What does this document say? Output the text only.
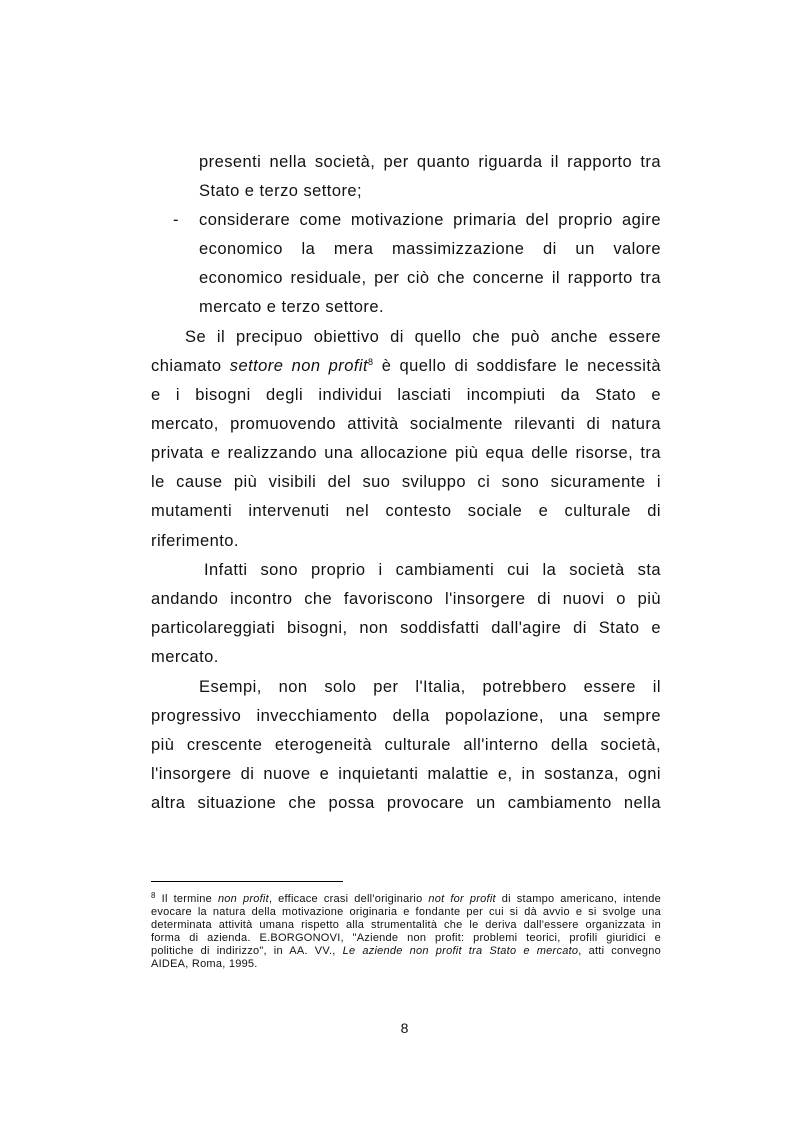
presenti nella società, per quanto riguarda il rapporto tra
Stato e terzo settore;
- considerare come motivazione primaria del proprio agire
economico la mera massimizzazione di un valore
economico residuale, per ciò che concerne il rapporto tra
mercato e terzo settore.
Se il precipuo obiettivo di quello che può anche essere
chiamato settore non profit$^8$ è quello di soddisfare le necessità
e i bisogni degli individui lasciati incompiuti da Stato e
mercato, promuovendo attività socialmente rilevanti di natura
privata e realizzando una allocazione più equa delle risorse, tra
le cause più visibili del suo sviluppo ci sono sicuramente i
mutamenti intervenuti nel contesto sociale e culturale di
riferimento.
Infatti sono proprio i cambiamenti cui la società sta
andando incontro che favoriscono l'insorgere di nuovi o più
particolareggiati bisogni, non soddisfatti dall'agire di Stato e
mercato.
Esempi, non solo per l'Italia, potrebbero essere il
progressivo invecchiamento della popolazione, una sempre
più crescente eterogeneità culturale all'interno della società,
l'insorgere di nuove e inquietanti malattie e, in sostanza, ogni
altra situazione che possa provocare un cambiamento nella
$^8$ Il termine non profit, efficace crasi dell'originario not for profit di stampo americano, intende
evocare la natura della motivazione originaria e fondante per cui si dà avvio e si svolge una
determinata attività umana rispetto alla strumentalità che le deriva dall'essere organizzata in
forma di azienda. E.BORGONOVI, "Aziende non profit: problemi teorici, profili giuridici e
politiche di indirizzo", in AA. VV., Le aziende non profit tra Stato e mercato, atti convegno
AIDEA, Roma, 1995.
8
